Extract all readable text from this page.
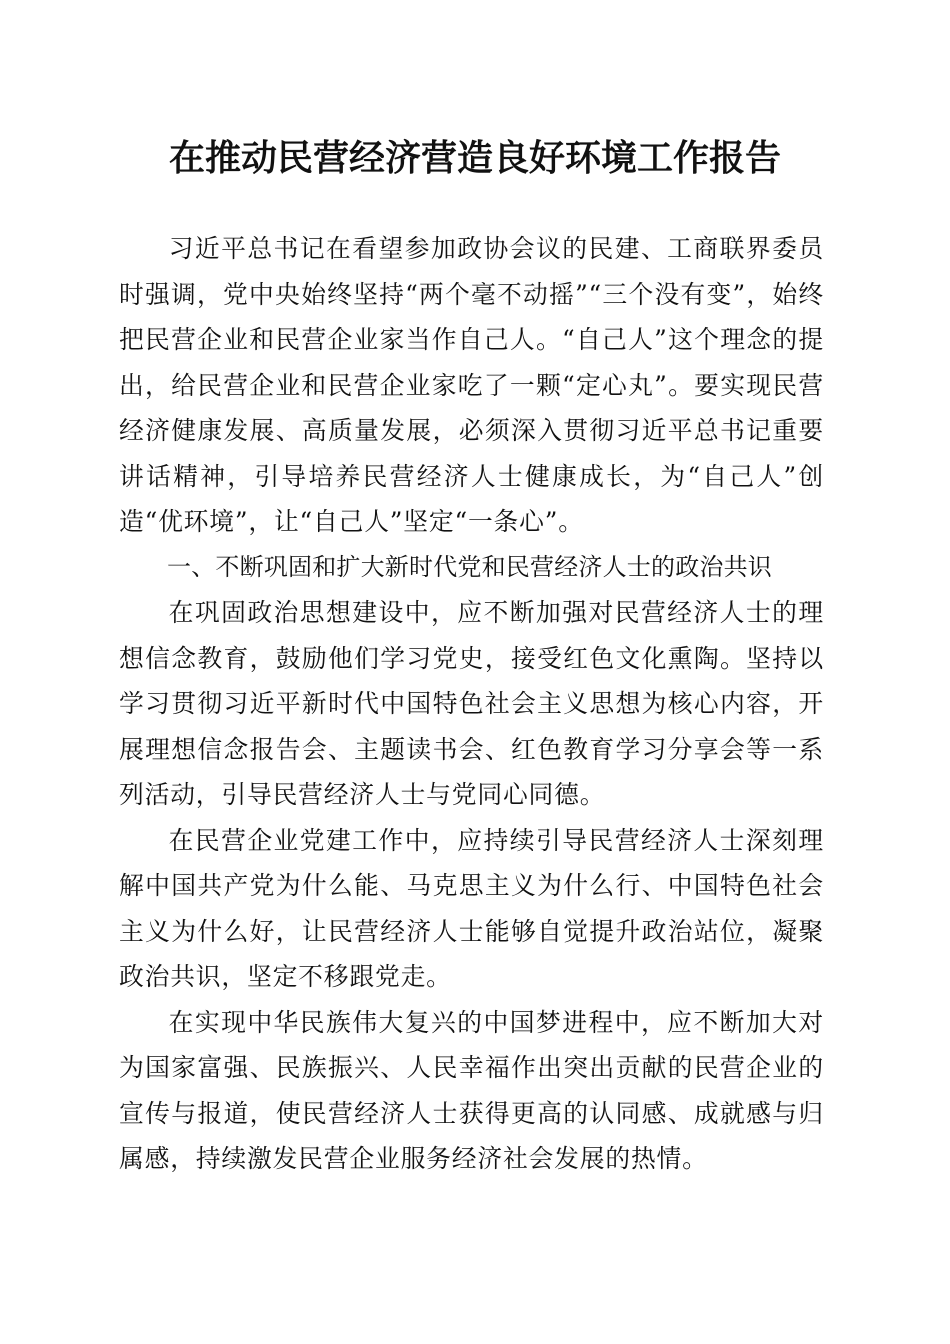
在推动民营经济营造良好环境工作报告

习近平总书记在看望参加政协会议的民建、工商联界委员时强调，党中央始终坚持“两个毫不动摇”“三个没有变”，始终把民营企业和民营企业家当作自己人。“自己人”这个理念的提出，给民营企业和民营企业家吃了一颗“定心丸”。要实现民营经济健康发展、高质量发展，必须深入贯彻习近平总书记重要讲话精神，引导培养民营经济人士健康成长，为“自己人”创造“优环境”，让“自己人”坚定“一条心”。

一、不断巩固和扩大新时代党和民营经济人士的政治共识

在巩固政治思想建设中，应不断加强对民营经济人士的理想信念教育，鼓励他们学习党史，接受红色文化熏陶。坚持以学习贯彻习近平新时代中国特色社会主义思想为核心内容，开展理想信念报告会、主题读书会、红色教育学习分享会等一系列活动，引导民营经济人士与党同心同德。

在民营企业党建工作中，应持续引导民营经济人士深刻理解中国共产党为什么能、马克思主义为什么行、中国特色社会主义为什么好，让民营经济人士能够自觉提升政治站位，凝聚政治共识，坚定不移跟党走。

在实现中华民族伟大复兴的中国梦进程中，应不断加大对为国家富强、民族振兴、人民幸福作出突出贡献的民营企业的宣传与报道，使民营经济人士获得更高的认同感、成就感与归属感，持续激发民营企业服务经济社会发展的热情。
